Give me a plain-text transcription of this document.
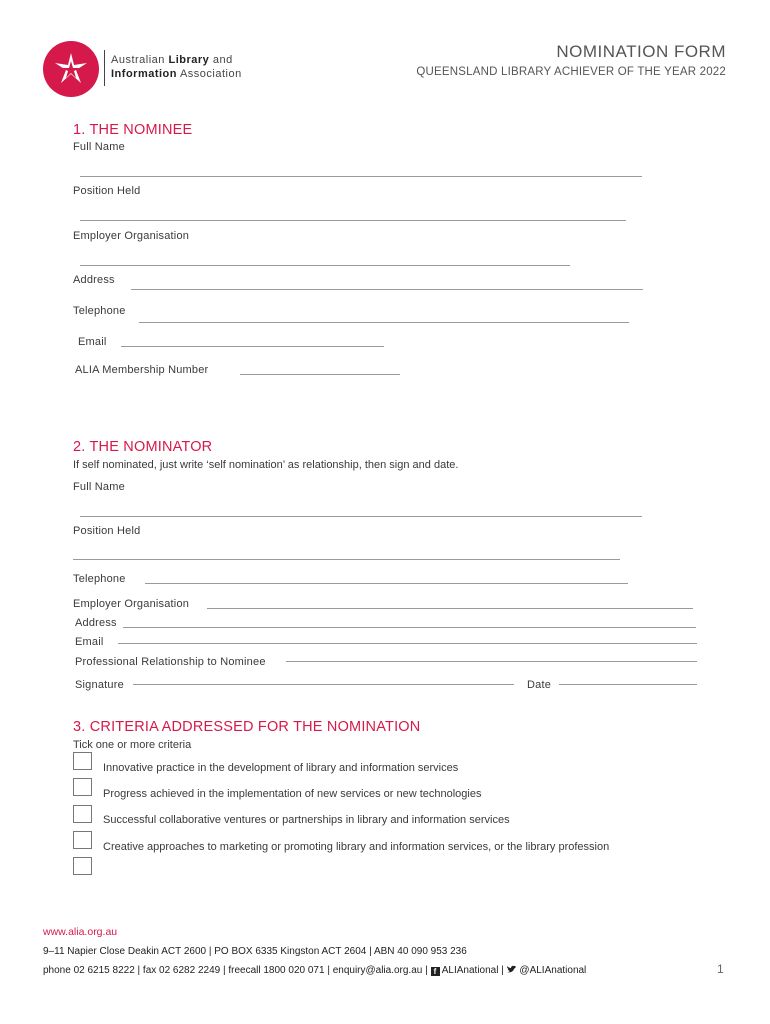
Australian Library and
Information Association
NOMINATION FORM
QUEENSLAND LIBRARY ACHIEVER OF THE YEAR 2022
1. THE NOMINEE
Full Name
Position Held
Employer Organisation
Address
Telephone
Email
ALIA Membership Number
2. THE NOMINATOR
If self nominated, just write ‘self nomination’ as relationship, then sign and date.
Full Name
Position Held
Telephone
Employer Organisation
Address
Email
Professional Relationship to Nominee
Signature	Date
3. CRITERIA ADDRESSED FOR THE NOMINATION
Tick one or more criteria
Innovative practice in the development of library and information services
Progress achieved in the implementation of new services or new technologies
Successful collaborative ventures or partnerships in library and information services
Creative approaches to marketing or promoting library and information services, or the library profession
www.alia.org.au
9–11 Napier Close Deakin ACT 2600 | PO BOX 6335 Kingston ACT 2604 | ABN 40 090 953 236
phone 02 6215 8222 | fax 02 6282 2249 | freecall 1800 020 071 | enquiry@alia.org.au | f ALIAnational | @ALIAnational	1
